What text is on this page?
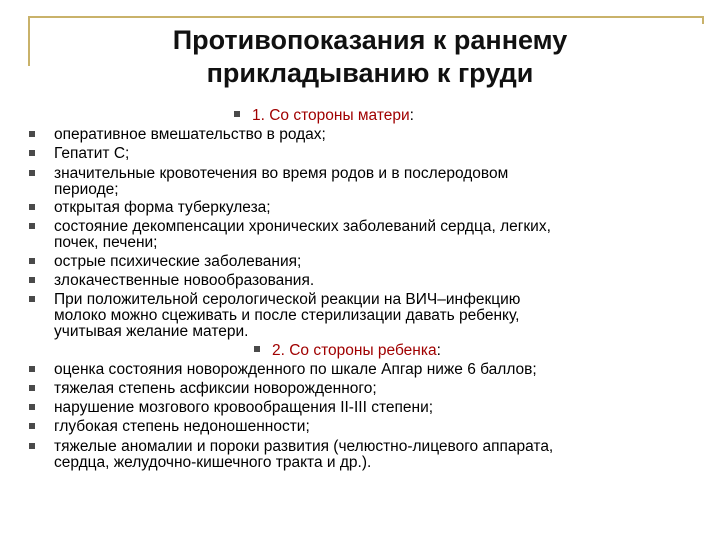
Противопоказания к раннему
прикладыванию к груди
1. Со стороны матери:
оперативное вмешательство в родах;
Гепатит С;
значительные кровотечения во время родов и в послеродовом
периоде;
открытая форма туберкулеза;
состояние декомпенсации хронических заболеваний сердца, легких,
почек, печени;
острые психические заболевания;
злокачественные новообразования.
При положительной серологической реакции на ВИЧ–инфекцию
молоко можно сцеживать и после стерилизации давать ребенку,
учитывая желание матери.
2. Со стороны ребенка:
оценка состояния новорожденного по шкале Апгар ниже 6 баллов;
тяжелая степень асфиксии новорожденного;
нарушение мозгового кровообращения II-III степени;
глубокая степень недоношенности;
тяжелые аномалии и пороки развития (челюстно-лицевого аппарата,
сердца, желудочно-кишечного тракта и др.).
